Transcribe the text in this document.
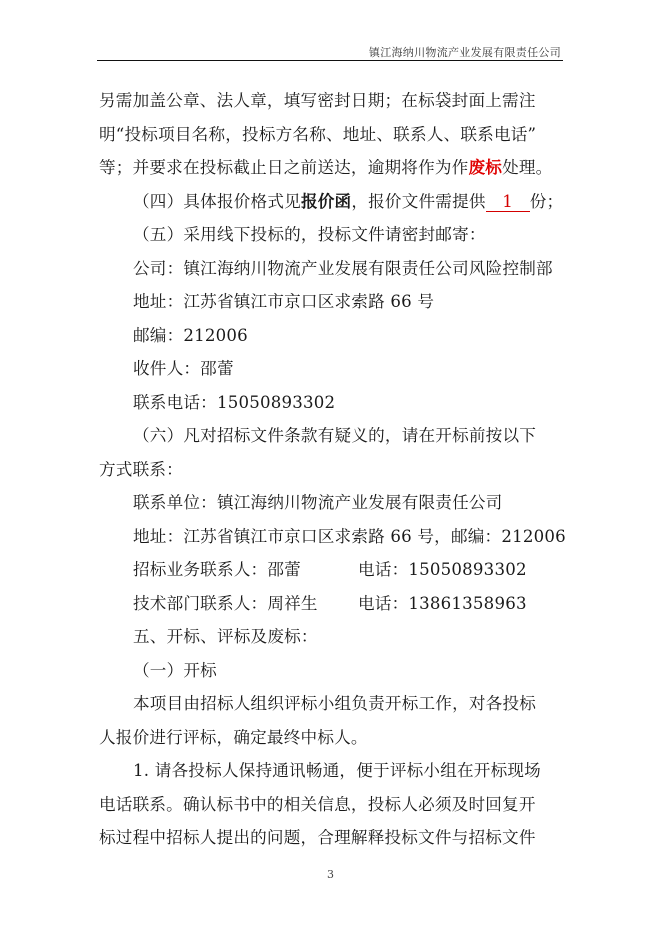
镇江海纳川物流产业发展有限责任公司
另需加盖公章、法人章，填写密封日期；在标袋封面上需注
明“投标项目名称，投标方名称、地址、联系人、联系电话”
等；并要求在投标截止日之前送达，逾期将作为作废标处理。
（四）具体报价格式见报价函，报价文件需提供 1 份；
（五）采用线下投标的，投标文件请密封邮寄：
公司：镇江海纳川物流产业发展有限责任公司风险控制部
地址：江苏省镇江市京口区求索路 66 号
邮编：212006
收件人：邵蕾
联系电话：15050893302
（六）凡对招标文件条款有疑义的，请在开标前按以下
方式联系：
联系单位：镇江海纳川物流产业发展有限责任公司
地址：江苏省镇江市京口区求索路 66 号，邮编：212006
招标业务联系人：邵蕾	电话：15050893302
技术部门联系人：周祥生 电话：13861358963
五、开标、评标及废标：
（一）开标
本项目由招标人组织评标小组负责开标工作，对各投标
人报价进行评标，确定最终中标人。
1. 请各投标人保持通讯畅通，便于评标小组在开标现场
电话联系。确认标书中的相关信息，投标人必须及时回复开
标过程中招标人提出的问题，合理解释投标文件与招标文件
3
